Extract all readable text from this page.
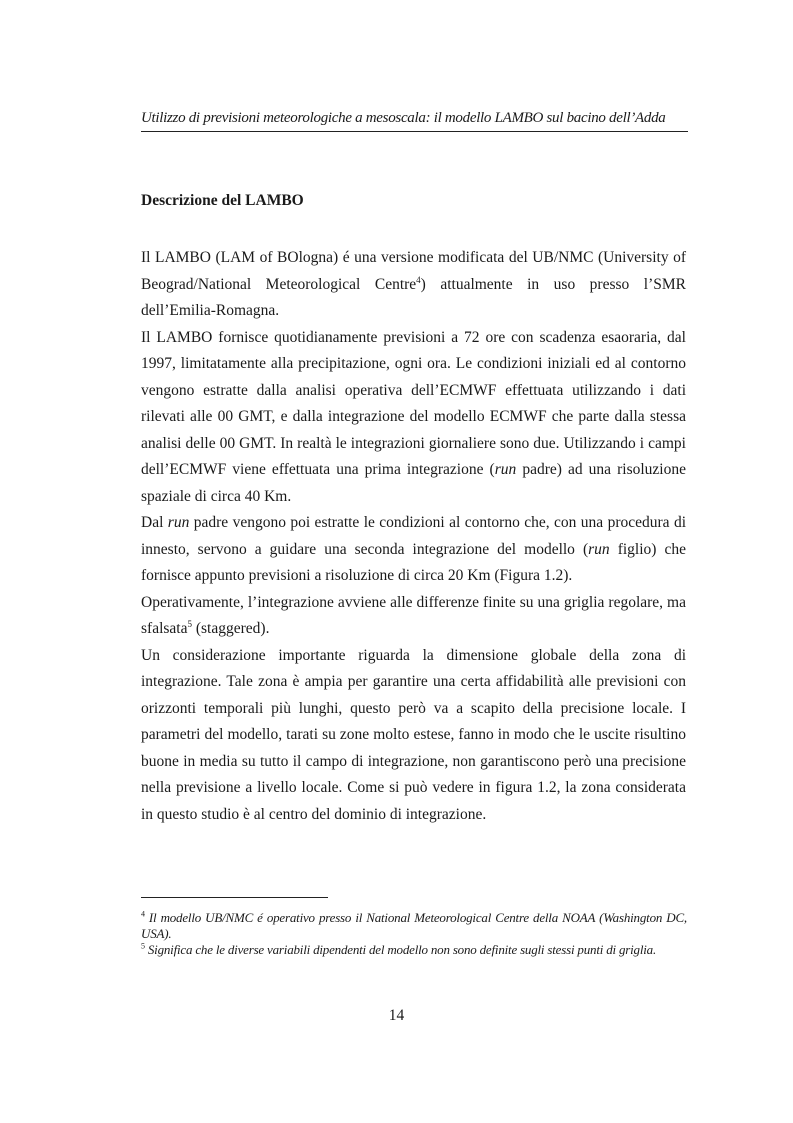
Utilizzo di previsioni meteorologiche a mesoscala: il modello LAMBO sul bacino dell’Adda
Descrizione del LAMBO

Il LAMBO (LAM of BOlogna) é una versione modificata del UB/NMC (University of Beograd/National Meteorological Centre$^4$) attualmente in uso presso l’SMR dell’Emilia-Romagna.

Il LAMBO fornisce quotidianamente previsioni a 72 ore con scadenza esaoraria, dal 1997, limitatamente alla precipitazione, ogni ora. Le condizioni iniziali ed al contorno vengono estratte dalla analisi operativa dell’ECMWF effettuata utilizzando i dati rilevati alle 00 GMT, e dalla integrazione del modello ECMWF che parte dalla stessa analisi delle 00 GMT. In realtà le integrazioni giornaliere sono due. Utilizzando i campi dell’ECMWF viene effettuata una prima integrazione (run padre) ad una risoluzione spaziale di circa 40 Km.

Dal run padre vengono poi estratte le condizioni al contorno che, con una procedura di innesto, servono a guidare una seconda integrazione del modello (run figlio) che fornisce appunto previsioni a risoluzione di circa 20 Km (Figura 1.2).

Operativamente, l’integrazione avviene alle differenze finite su una griglia regolare, ma sfalsata$^5$ (staggered).

Un considerazione importante riguarda la dimensione globale della zona di integrazione. Tale zona è ampia per garantire una certa affidabilità alle previsioni con orizzonti temporali più lunghi, questo però va a scapito della precisione locale. I parametri del modello, tarati su zone molto estese, fanno in modo che le uscite risultino buone in media su tutto il campo di integrazione, non garantiscono però una precisione nella previsione a livello locale. Come si può vedere in figura 1.2, la zona considerata in questo studio è al centro del dominio di integrazione.

$^4$ Il modello UB/NMC é operativo presso il National Meteorological Centre della NOAA (Washington DC, USA).

$^5$ Significa che le diverse variabili dipendenti del modello non sono definite sugli stessi punti di griglia.

14
